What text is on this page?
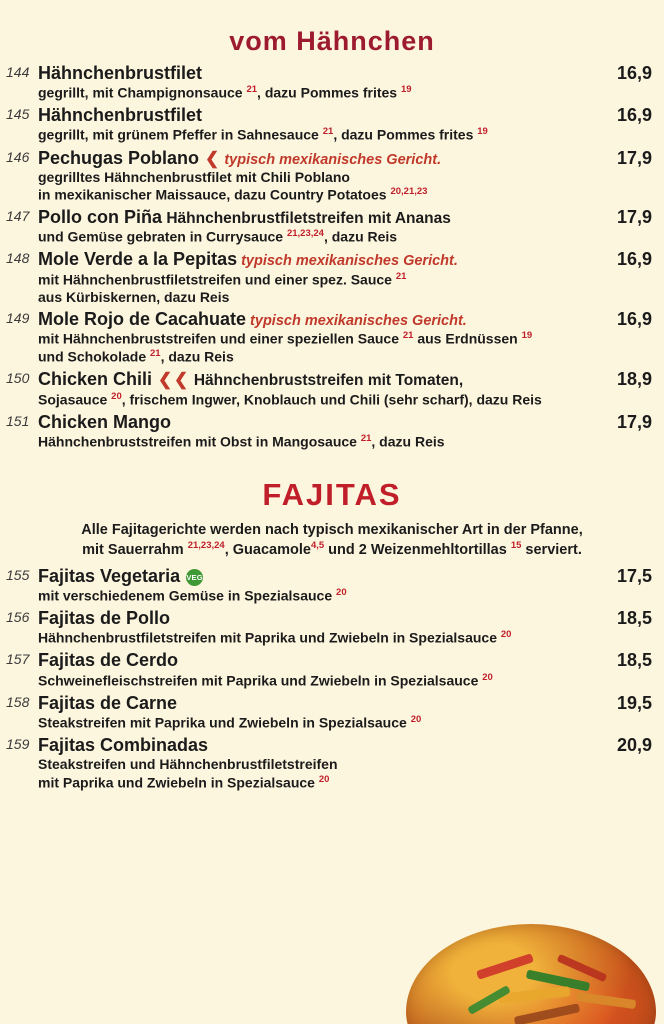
vom Hähnchen
144	16,9
Hähnchenbrustfilet
gegrillt, mit Champignonsauce $^{21}$, dazu Pommes frites $^{19}$
145	16,9
Hähnchenbrustfilet
gegrillt, mit grünem Pfeffer in Sahnesauce $^{21}$, dazu Pommes frites $^{19}$
146	17,9
Pechugas Poblano ❯ typisch mexikanisches Gericht.
gegrilltes Hähnchenbrustfilet mit Chili Poblano
in mexikanischer Maissauce, dazu Country Potatoes $^{20,21,23}$
147	17,9
Pollo con Piña Hähnchenbrustfiletstreifen mit Ananas
und Gemüse gebraten in Currysauce $^{21,23,24}$, dazu Reis
148	16,9
Mole Verde a la Pepitas typisch mexikanisches Gericht.
mit Hähnchenbrustfiletstreifen und einer spez. Sauce $^{21}$
aus Kürbiskernen, dazu Reis
149	16,9
Mole Rojo de Cacahuate typisch mexikanisches Gericht.
mit Hähnchenbruststreifen und einer speziellen Sauce $^{21}$ aus Erdnüssen $^{19}$
und Schokolade $^{21}$, dazu Reis
150	18,9
Chicken Chili ❯ ❯ Hähnchenbruststreifen mit Tomaten,
Sojasauce $^{20}$, frischem Ingwer, Knoblauch und Chili (sehr scharf), dazu Reis
151	17,9
Chicken Mango
Hähnchenbruststreifen mit Obst in Mangosauce $^{21}$, dazu Reis
FAJITAS
Alle Fajitagerichte werden nach typisch mexikanischer Art in der Pfanne,
mit Sauerrahm $^{21,23,24}$, Guacamole$^{4,5}$ und 2 Weizenmehltortillas $^{15}$ serviert.
155	17,5
Fajitas Vegetaria VEG
mit verschiedenem Gemüse in Spezialsauce $^{20}$
156	18,5
Fajitas de Pollo
Hähnchenbrustfiletstreifen mit Paprika und Zwiebeln in Spezialsauce $^{20}$
157	18,5
Fajitas de Cerdo
Schweinefleischstreifen mit Paprika und Zwiebeln in Spezialsauce $^{20}$
158	19,5
Fajitas de Carne
Steakstreifen mit Paprika und Zwiebeln in Spezialsauce $^{20}$
159	20,9
Fajitas Combinadas
Steakstreifen und Hähnchenbrustfiletstreifen
mit Paprika und Zwiebeln in Spezialsauce $^{20}$
